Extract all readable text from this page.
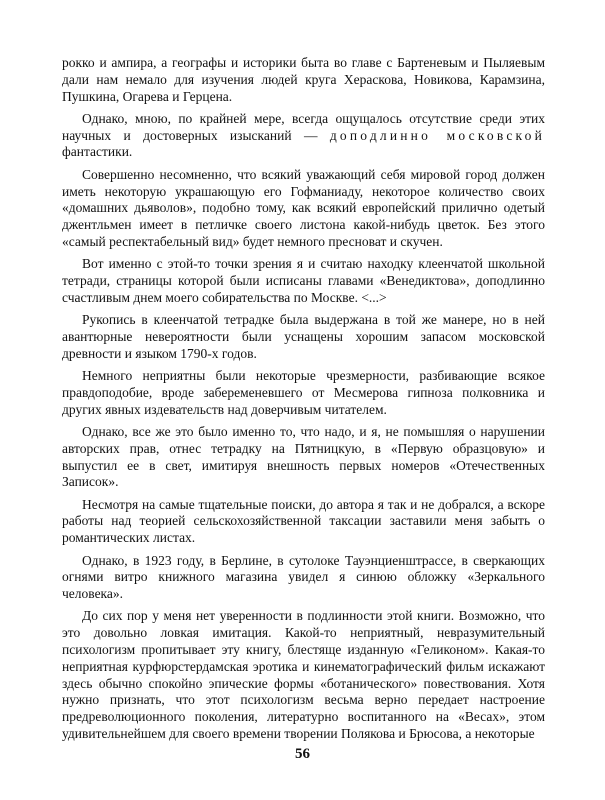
рокко и ампира, а географы и историки быта во главе с Бартеневым и Пыляевым дали нам немало для изучения людей круга Хераскова, Новикова, Карамзина, Пушкина, Огарева и Герцена.

Однако, мною, по крайней мере, всегда ощущалось отсутствие среди этих научных и достоверных изысканий — доподлинно московской фантастики.

Совершенно несомненно, что всякий уважающий себя мировой город должен иметь некоторую украшающую его Гофманиаду, некоторое количество своих «домашних дьяволов», подобно тому, как всякий европейский прилично одетый джентльмен имеет в петличке своего листона какой-нибудь цветок. Без этого «самый респектабельный вид» будет немного пресноват и скучен.

Вот именно с этой-то точки зрения я и считаю находку клеенчатой школьной тетради, страницы которой были исписаны главами «Венедиктова», доподлинно счастливым днем моего собирательства по Москве. <...>

Рукопись в клеенчатой тетрадке была выдержана в той же манере, но в ней авантюрные невероятности были уснащены хорошим запасом московской древности и языком 1790-х годов.

Немного неприятны были некоторые чрезмерности, разбивающие всякое правдоподобие, вроде забеременевшего от Месмерова гипноза полковника и других явных издевательств над доверчивым читателем.

Однако, все же это было именно то, что надо, и я, не помышляя о нарушении авторских прав, отнес тетрадку на Пятницкую, в «Первую образцовую» и выпустил ее в свет, имитируя внешность первых номеров «Отечественных Записок».

Несмотря на самые тщательные поиски, до автора я так и не добрался, а вскоре работы над теорией сельскохозяйственной таксации заставили меня забыть о романтических листах.

Однако, в 1923 году, в Берлине, в сутолоке Тауэнциенштрассе, в сверкающих огнями витро книжного магазина увидел я синюю обложку «Зеркального человека».

До сих пор у меня нет уверенности в подлинности этой книги. Возможно, что это довольно ловкая имитация. Какой-то неприятный, невразумительный психологизм пропитывает эту книгу, блестяще изданную «Геликоном». Какая-то неприятная курфюрстердамская эротика и кинематографический фильм искажают здесь обычно спокойно эпические формы «ботанического» повествования. Хотя нужно признать, что этот психологизм весьма верно передает настроение предреволюционного поколения, литературно воспитанного на «Весах», этом удивительнейшем для своего времени творении Полякова и Брюсова, а некоторые

56
